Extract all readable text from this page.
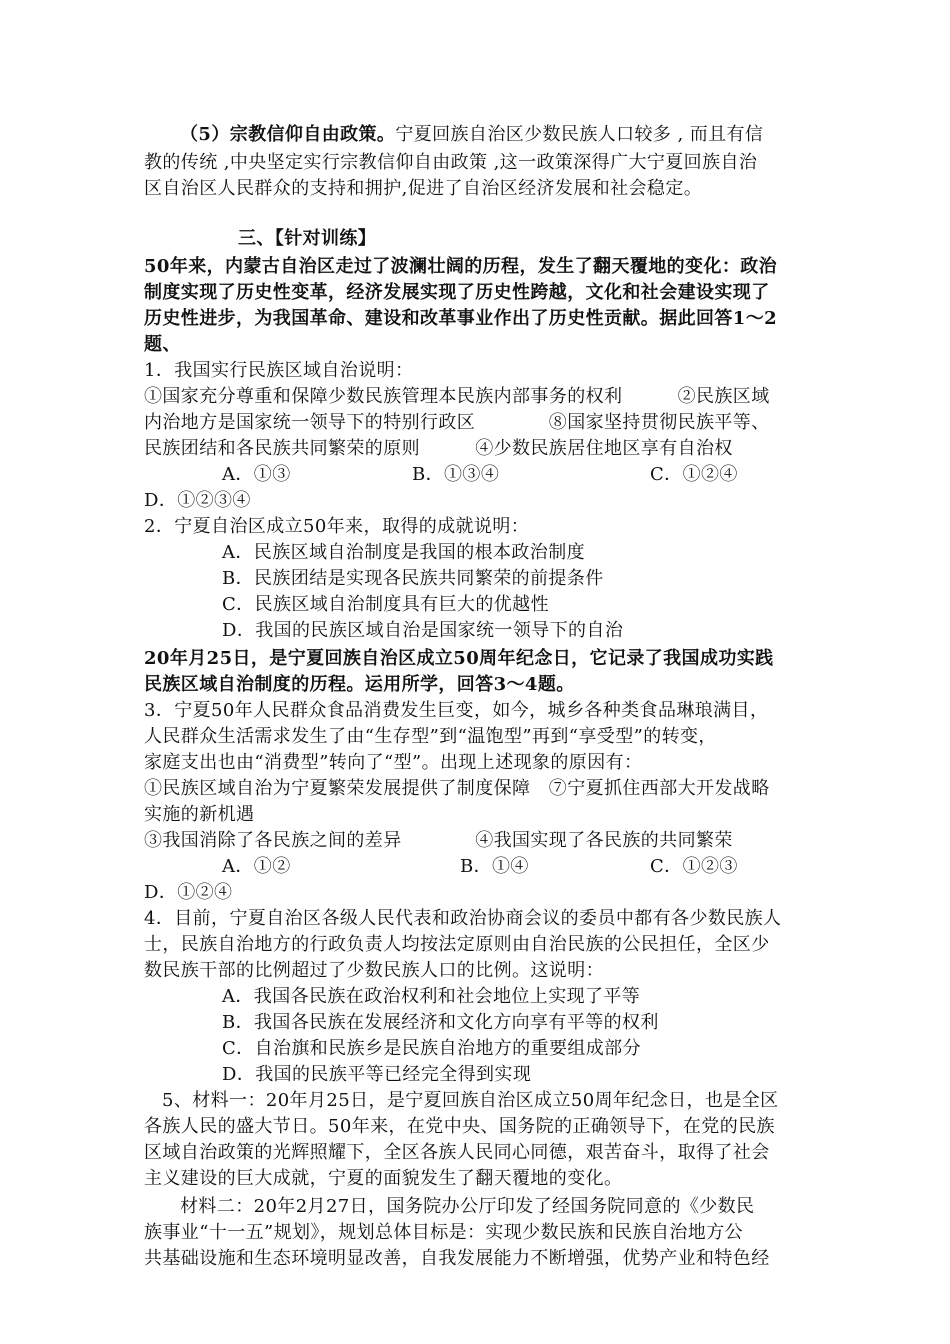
（5）宗教信仰自由政策。宁夏回族自治区少数民族人口较多 , 而且有信
教的传统 ,中央坚定实行宗教信仰自由政策 ,这一政策深得广大宁夏回族自治
区自治区人民群众的支持和拥护,促进了自治区经济发展和社会稳定。
三、【针对训练】
50年来，内蒙古自治区走过了波澜壮阔的历程，发生了翻天覆地的变化：政治
制度实现了历史性变革，经济发展实现了历史性跨越，文化和社会建设实现了
历史性进步，为我国革命、建设和改革事业作出了历史性贡献。据此回答1～2
题、
1．我国实行民族区域自治说明：
①国家充分尊重和保障少数民族管理本民族内部事务的权利　　　②民族区域
内治地方是国家统一领导下的特别行政区　　　　⑧国家坚持贯彻民族平等、
民族团结和各民族共同繁荣的原则　　　④少数民族居住地区享有自治权
A．①③	B．①③④	C．①②④
D．①②③④
2．宁夏自治区成立50年来，取得的成就说明：
A．民族区域自治制度是我国的根本政治制度
B．民族团结是实现各民族共同繁荣的前提条件
C．民族区域自治制度具有巨大的优越性
D．我国的民族区域自治是国家统一领导下的自治
20年月25日，是宁夏回族自治区成立50周年纪念日，它记录了我国成功实践
民族区域自治制度的历程。运用所学，回答3～4题。
3．宁夏50年人民群众食品消费发生巨变，如今，城乡各种类食品琳琅满目，
人民群众生活需求发生了由“生存型”到“温饱型”再到“享受型”的转变，
家庭支出也由“消费型”转向了“型”。出现上述现象的原因有：
①民族区域自治为宁夏繁荣发展提供了制度保障　⑦宁夏抓住西部大开发战略
实施的新机遇
③我国消除了各民族之间的差异　　　　④我国实现了各民族的共同繁荣
A．①②	B．①④	C．①②③
D．①②④
4．目前，宁夏自治区各级人民代表和政治协商会议的委员中都有各少数民族人
士，民族自治地方的行政负责人均按法定原则由自治民族的公民担任，全区少
数民族干部的比例超过了少数民族人口的比例。这说明：
A．我国各民族在政治权利和社会地位上实现了平等
B．我国各民族在发展经济和文化方向享有平等的权利
C．自治旗和民族乡是民族自治地方的重要组成部分
D．我国的民族平等已经完全得到实现
5、材料一：20年月25日，是宁夏回族自治区成立50周年纪念日，也是全区
各族人民的盛大节日。50年来，在党中央、国务院的正确领导下，在党的民族
区域自治政策的光辉照耀下，全区各族人民同心同德，艰苦奋斗，取得了社会
主义建设的巨大成就，宁夏的面貌发生了翻天覆地的变化。
材料二：20年2月27日，国务院办公厅印发了经国务院同意的《少数民
族事业“十一五”规划》，规划总体目标是：实现少数民族和民族自治地方公
共基础设施和生态环境明显改善，自我发展能力不断增强，优势产业和特色经
